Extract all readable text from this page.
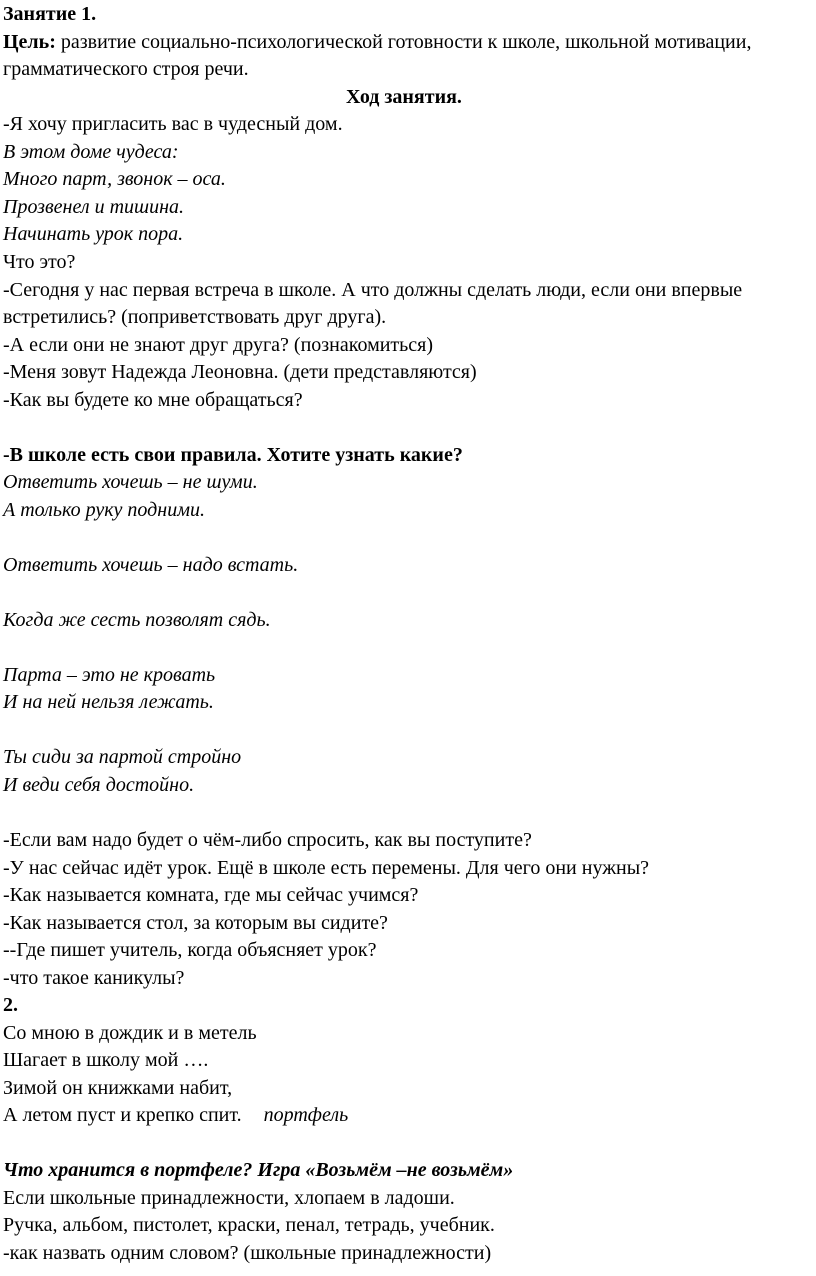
Занятие 1.
Цель: развитие социально-психологической готовности к школе, школьной мотивации,
грамматического строя речи.
Ход занятия.
-Я хочу пригласить вас в чудесный дом.
В этом доме чудеса:
Много парт, звонок – оса.
Прозвенел и тишина.
Начинать урок пора.
Что это?
-Сегодня у нас первая встреча в школе. А что должны сделать люди, если они впервые
встретились? (поприветствовать друг друга).
-А если они не знают друг друга? (познакомиться)
-Меня зовут Надежда Леоновна. (дети представляются)
-Как вы будете ко мне обращаться?
-В школе есть свои правила. Хотите узнать какие?
Ответить хочешь – не шуми.
А только руку подними.
Ответить хочешь – надо встать.
Когда же сесть позволят сядь.
Парта – это не кровать
И на ней нельзя лежать.
Ты сиди за партой стройно
И веди себя достойно.
-Если вам надо будет о чём-либо спросить, как вы поступите?
-У нас сейчас идёт урок. Ещё в школе есть перемены. Для чего они нужны?
-Как называется комната, где мы сейчас учимся?
-Как называется стол, за которым вы сидите?
--Где пишет учитель, когда объясняет урок?
-что такое каникулы?
2.
Со мною в дождик и в метель
Шагает в школу мой ….
Зимой он книжками набит,
А летом пуст и крепко спит. портфель
Что хранится в портфеле? Игра «Возьмём –не возьмём»
Если школьные принадлежности, хлопаем в ладоши.
Ручка, альбом, пистолет, краски, пенал, тетрадь, учебник.
-как назвать одним словом? (школьные принадлежности)
